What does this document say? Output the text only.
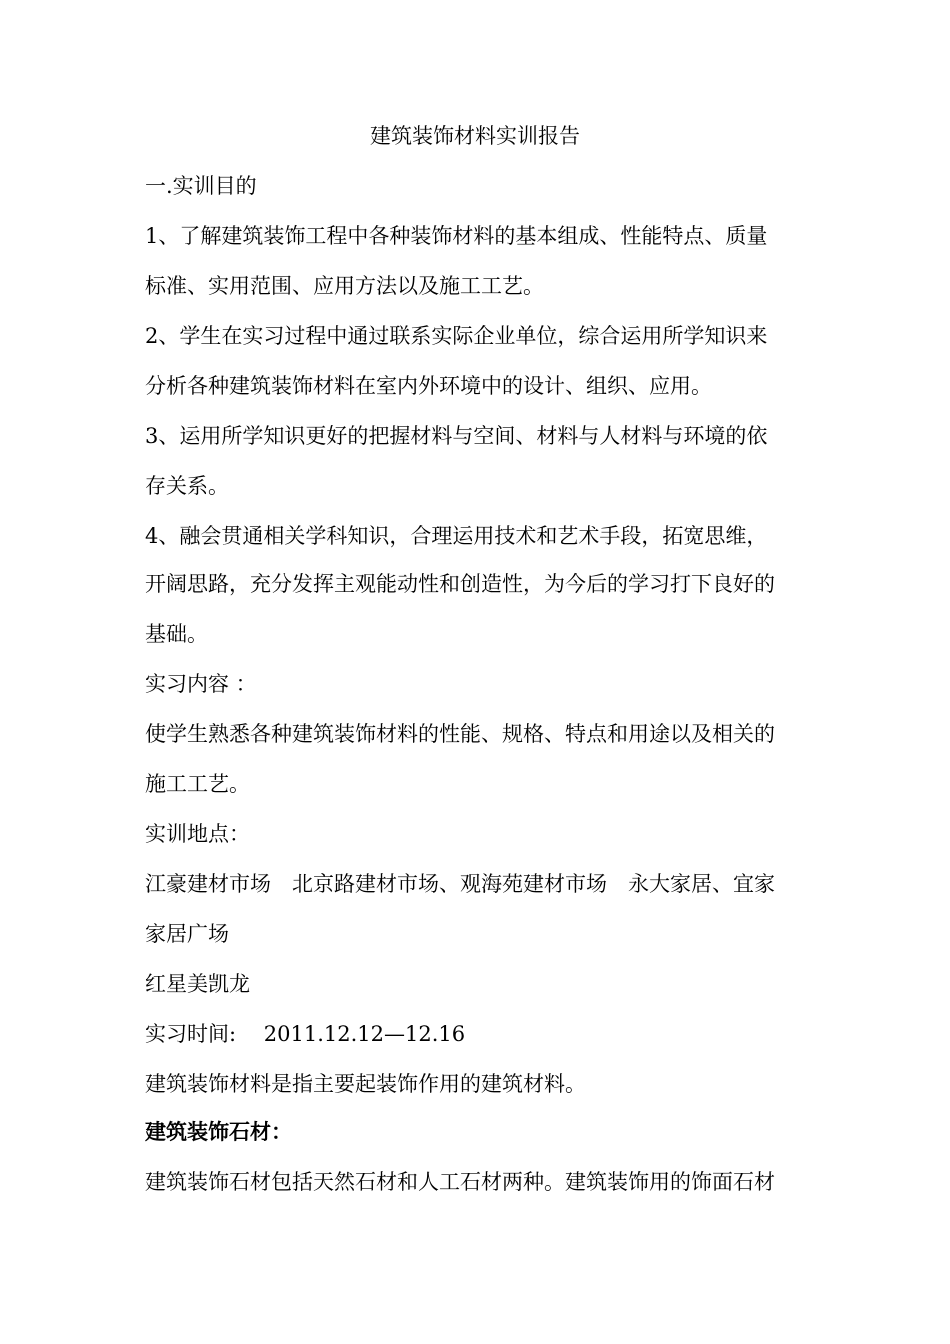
建筑装饰材料实训报告
一.实训目的
1、了解建筑装饰工程中各种装饰材料的基本组成、性能特点、质量
标准、实用范围、应用方法以及施工工艺。
2、学生在实习过程中通过联系实际企业单位，综合运用所学知识来
分析各种建筑装饰材料在室内外环境中的设计、组织、应用。
3、运用所学知识更好的把握材料与空间、材料与人材料与环境的依
存关系。
4、融会贯通相关学科知识，合理运用技术和艺术手段，拓宽思维，
开阔思路，充分发挥主观能动性和创造性，为今后的学习打下良好的
基础。
实习内容 ：
使学生熟悉各种建筑装饰材料的性能、规格、特点和用途以及相关的
施工工艺。
实训地点：
江豪建材市场　北京路建材市场、观海苑建材市场　永大家居、宜家
家居广场
红星美凯龙
实习时间:　 2011.12.12—12.16
建筑装饰材料是指主要起装饰作用的建筑材料。
建筑装饰石材：
建筑装饰石材包括天然石材和人工石材两种。建筑装饰用的饰面石材
